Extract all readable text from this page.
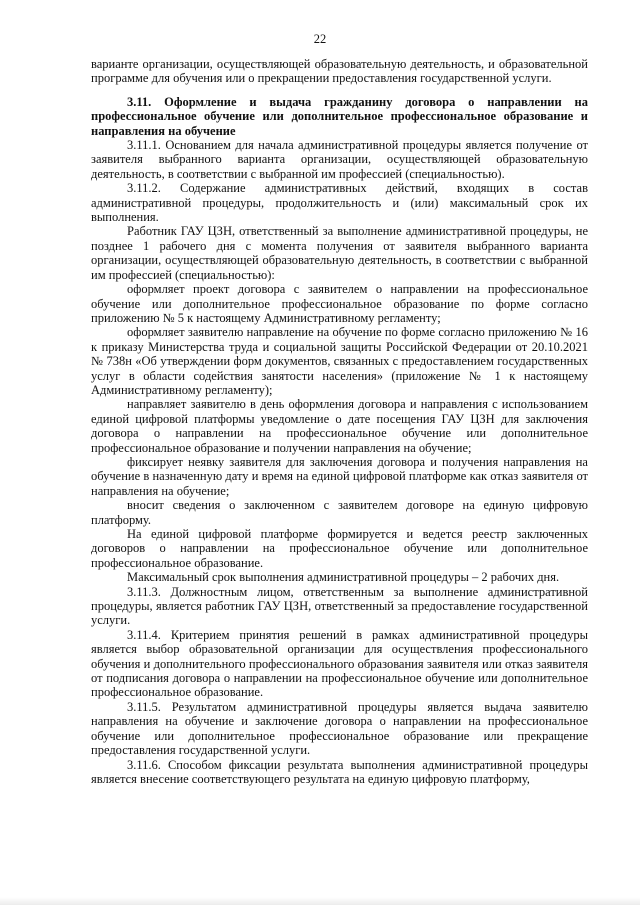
22

варианте организации, осуществляющей образовательную деятельность, и образовательной программе для обучения или о прекращении предоставления государственной услуги.

3.11. Оформление и выдача гражданину договора о направлении на профессиональное обучение или дополнительное профессиональное образование и направления на обучение

3.11.1. Основанием для начала административной процедуры является получение от заявителя выбранного варианта организации, осуществляющей образовательную деятельность, в соответствии с выбранной им профессией (специальностью).

3.11.2. Содержание административных действий, входящих в состав административной процедуры, продолжительность и (или) максимальный срок их выполнения.

Работник ГАУ ЦЗН, ответственный за выполнение административной процедуры, не позднее 1 рабочего дня с момента получения от заявителя выбранного варианта организации, осуществляющей образовательную деятельность, в соответствии с выбранной им профессией (специальностью):

оформляет проект договора с заявителем о направлении на профессиональное обучение или дополнительное профессиональное образование по форме согласно приложению № 5 к настоящему Административному регламенту;

оформляет заявителю направление на обучение по форме согласно приложению № 16 к приказу Министерства труда и социальной защиты Российской Федерации от 20.10.2021 № 738н «Об утверждении форм документов, связанных с предоставлением государственных услуг в области содействия занятости населения» (приложение № 1 к настоящему Административному регламенту);

направляет заявителю в день оформления договора и направления с использованием единой цифровой платформы уведомление о дате посещения ГАУ ЦЗН для заключения договора о направлении на профессиональное обучение или дополнительное профессиональное образование и получении направления на обучение;

фиксирует неявку заявителя для заключения договора и получения направления на обучение в назначенную дату и время на единой цифровой платформе как отказ заявителя от направления на обучение;

вносит сведения о заключенном с заявителем договоре на единую цифровую платформу.

На единой цифровой платформе формируется и ведется реестр заключенных договоров о направлении на профессиональное обучение или дополнительное профессиональное образование.

Максимальный срок выполнения административной процедуры – 2 рабочих дня.

3.11.3. Должностным лицом, ответственным за выполнение административной процедуры, является работник ГАУ ЦЗН, ответственный за предоставление государственной услуги.

3.11.4. Критерием принятия решений в рамках административной процедуры является выбор образовательной организации для осуществления профессионального обучения и дополнительного профессионального образования заявителя или отказ заявителя от подписания договора о направлении на профессиональное обучение или дополнительное профессиональное образование.

3.11.5. Результатом административной процедуры является выдача заявителю направления на обучение и заключение договора о направлении на профессиональное обучение или дополнительное профессиональное образование или прекращение предоставления государственной услуги.

3.11.6. Способом фиксации результата выполнения административной процедуры является внесение соответствующего результата на единую цифровую платформу,
